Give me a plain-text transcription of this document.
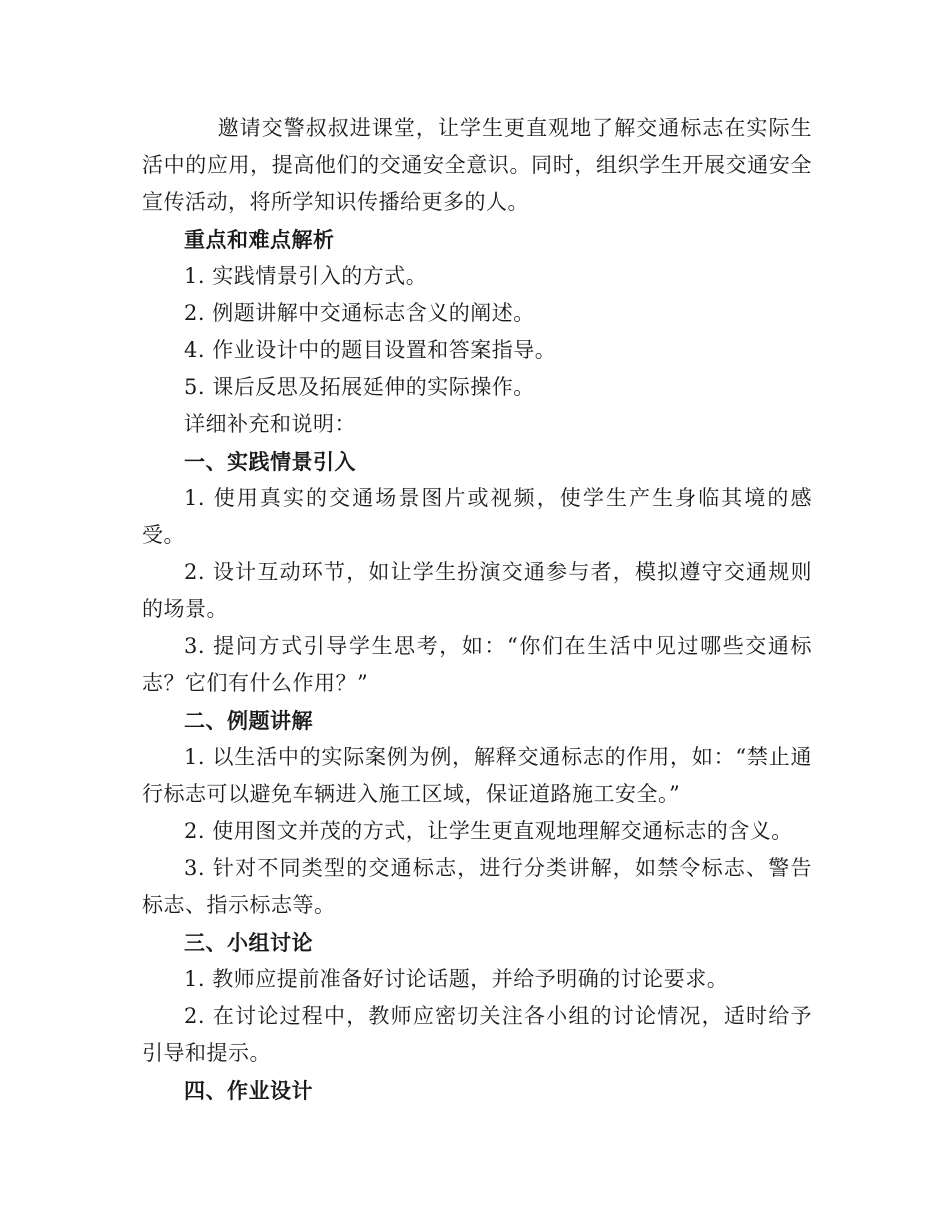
邀请交警叔叔进课堂，让学生更直观地了解交通标志在实际生活中的应用，提高他们的交通安全意识。同时，组织学生开展交通安全宣传活动，将所学知识传播给更多的人。

重点和难点解析

1. 实践情景引入的方式。

2. 例题讲解中交通标志含义的阐述。

4. 作业设计中的题目设置和答案指导。

5. 课后反思及拓展延伸的实际操作。

详细补充和说明：

一、实践情景引入

1. 使用真实的交通场景图片或视频，使学生产生身临其境的感受。

2. 设计互动环节，如让学生扮演交通参与者，模拟遵守交通规则的场景。

3. 提问方式引导学生思考，如：“你们在生活中见过哪些交通标志？它们有什么作用？”

二、例题讲解

1. 以生活中的实际案例为例，解释交通标志的作用，如：“禁止通行标志可以避免车辆进入施工区域，保证道路施工安全。”

2. 使用图文并茂的方式，让学生更直观地理解交通标志的含义。

3. 针对不同类型的交通标志，进行分类讲解，如禁令标志、警告标志、指示标志等。

三、小组讨论

1. 教师应提前准备好讨论话题，并给予明确的讨论要求。

2. 在讨论过程中，教师应密切关注各小组的讨论情况，适时给予引导和提示。

四、作业设计
